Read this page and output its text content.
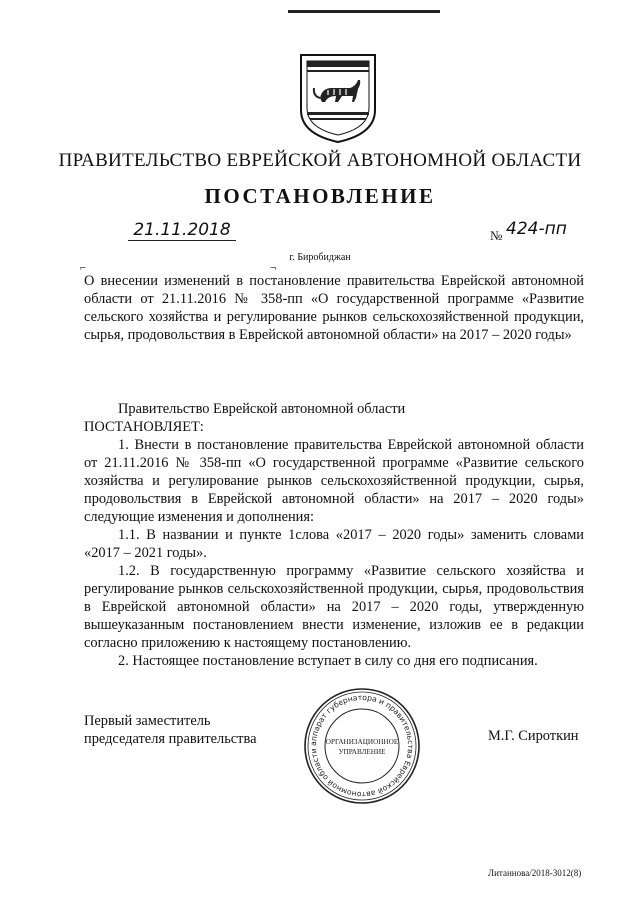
ПРАВИТЕЛЬСТВО ЕВРЕЙСКОЙ АВТОНОМНОЙ ОБЛАСТИ
ПОСТАНОВЛЕНИЕ
21.11.2018	№ 424-пп
г. Биробиджан
⌐	¬
О внесении изменений в постановление правительства Еврейской автономной области от 21.11.2016 № 358-пп «О государственной программе «Развитие сельского хозяйства и регулирование рынков сельскохозяйственной продукции, сырья, продовольствия в Еврейской автономной области» на 2017 – 2020 годы»

Правительство Еврейской автономной области

ПОСТАНОВЛЯЕТ:

1. Внести в постановление правительства Еврейской автономной области от 21.11.2016 № 358-пп «О государственной программе «Развитие сельского хозяйства и регулирование рынков сельскохозяйственной продукции, сырья, продовольствия в Еврейской автономной области» на 2017 – 2020 годы» следующие изменения и дополнения:

1.1. В названии и пункте 1слова «2017 – 2020 годы» заменить словами «2017 – 2021 годы».

1.2. В государственную программу «Развитие сельского хозяйства и регулирование рынков сельскохозяйственной продукции, сырья, продовольствия в Еврейской автономной области» на 2017 – 2020 годы, утвержденную вышеуказанным постановлением внести изменение, изложив ее в редакции согласно приложению к настоящему постановлению.

2. Настоящее постановление вступает в силу со дня его подписания.

Первый заместитель
председателя правительства	аппарат губернатора и правительства Еврейской автономной области
ОРГАНИЗАЦИОННОЕ
УПРАВЛЕНИЕ
М.Г. Сироткин
Литаннова/2018-3012(8)
